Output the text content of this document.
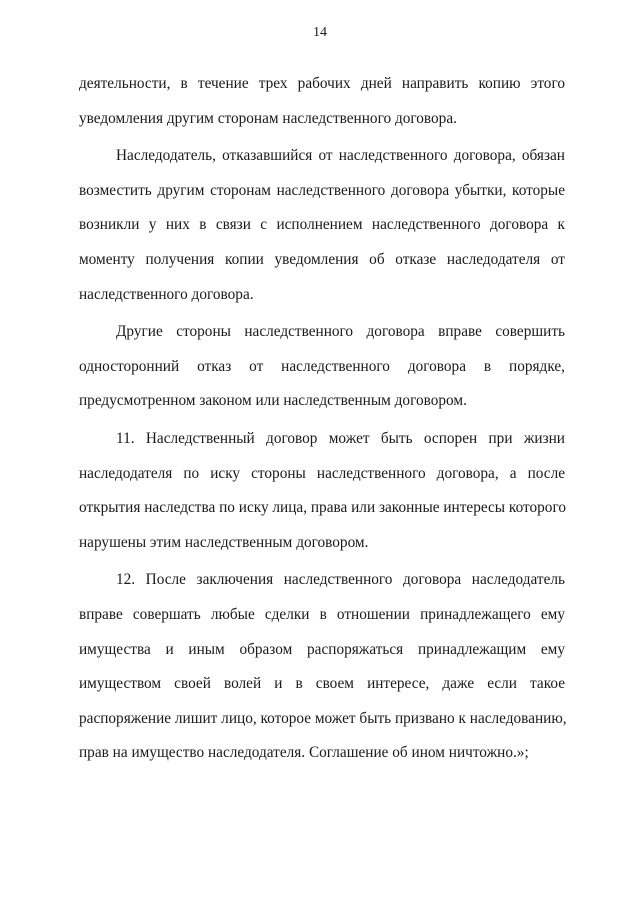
14
деятельности, в течение трех рабочих дней направить копию этого
уведомления другим сторонам наследственного договора.
Наследодатель, отказавшийся от наследственного договора, обязан
возместить другим сторонам наследственного договора убытки, которые
возникли у них в связи с исполнением наследственного договора к
моменту получения копии уведомления об отказе наследодателя от
наследственного договора.
Другие стороны наследственного договора вправе совершить
односторонний отказ от наследственного договора в порядке,
предусмотренном законом или наследственным договором.
11. Наследственный договор может быть оспорен при жизни
наследодателя по иску стороны наследственного договора, а после
открытия наследства по иску лица, права или законные интересы которого
нарушены этим наследственным договором.
12. После заключения наследственного договора наследодатель
вправе совершать любые сделки в отношении принадлежащего ему
имущества и иным образом распоряжаться принадлежащим ему
имуществом своей волей и в своем интересе, даже если такое
распоряжение лишит лицо, которое может быть призвано к наследованию,
прав на имущество наследодателя. Соглашение об ином ничтожно.»;
